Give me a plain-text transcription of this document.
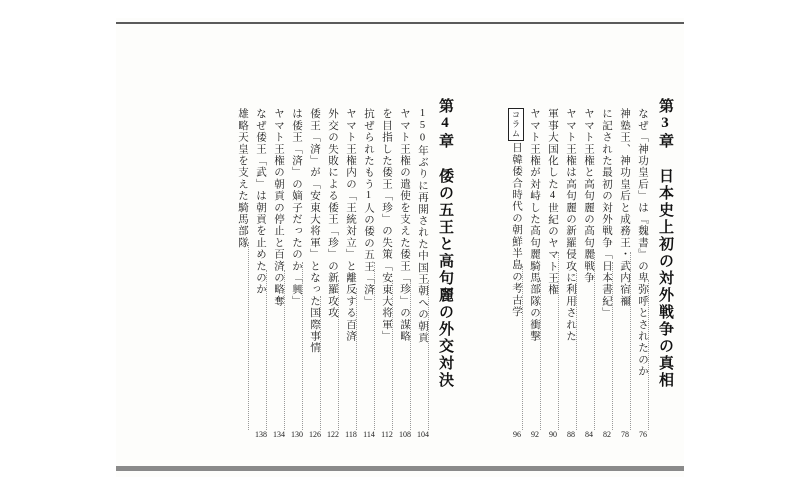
第3章 日本史上初の対外戦争の真相
なぜ「神功皇后」は『魏書』の卑弥呼とされたのか
76
神塾王、神功皇后と成務王・武内宿禰
78
「日本書紀」に記された最初の対外戦争
82
ヤマト王権と高句麗の高句麗戦争
84
ヤマト王権は高句麗の新羅侵攻に利用された
88
軍事大国化した4世紀のヤマト王権
90
ヤマト王権が対峙した高句麗騎馬部隊の衝撃
92
コラム
日韓倭合時代の朝鮮半島の考古学
96
第4章 倭の五王と高句麗の外交対決
150年ぶりに再開された中国王朝への朝貢
104
ヤマト王権の遣使を支えた倭王「珍」の謀略
108
「安東大将軍」を目指した倭王「珍」の失策
112
抗ぜられたもう1人の倭の五王「済」
114
ヤマト王権内の「王統対立」と離反する百済
118
外交の失敗による倭王「珍」の新羅攻攻
122
倭王「済」が「安東大将軍」となった国際事情
126
「興」は倭王「済」の嫡子だったのか
130
ヤマト王権の朝貢の停止と百済の略奪
134
なぜ倭王「武」は朝貢を止めたのか
138
雄略天皇を支えた騎馬部隊
